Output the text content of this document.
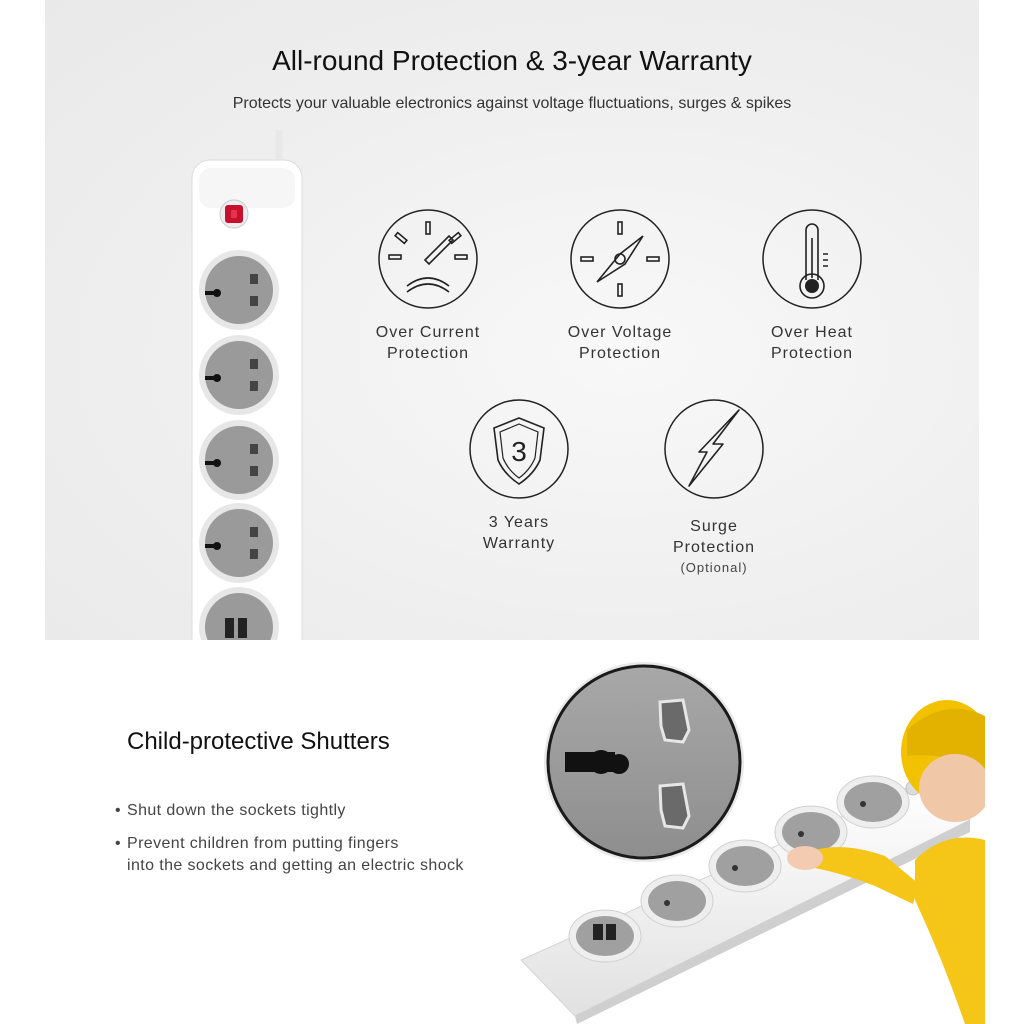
All-round Protection & 3-year Warranty

Protects your valuable electronics against voltage fluctuations, surges & spikes

Over Current
Protection
Over Voltage
Protection
Over Heat
Protection
3
3 Years
Warranty
Surge
Protection
(Optional)
Child-protective Shutters
• Shut down the sockets tightly
• Prevent children from putting fingers
into the sockets and getting an electric shock
